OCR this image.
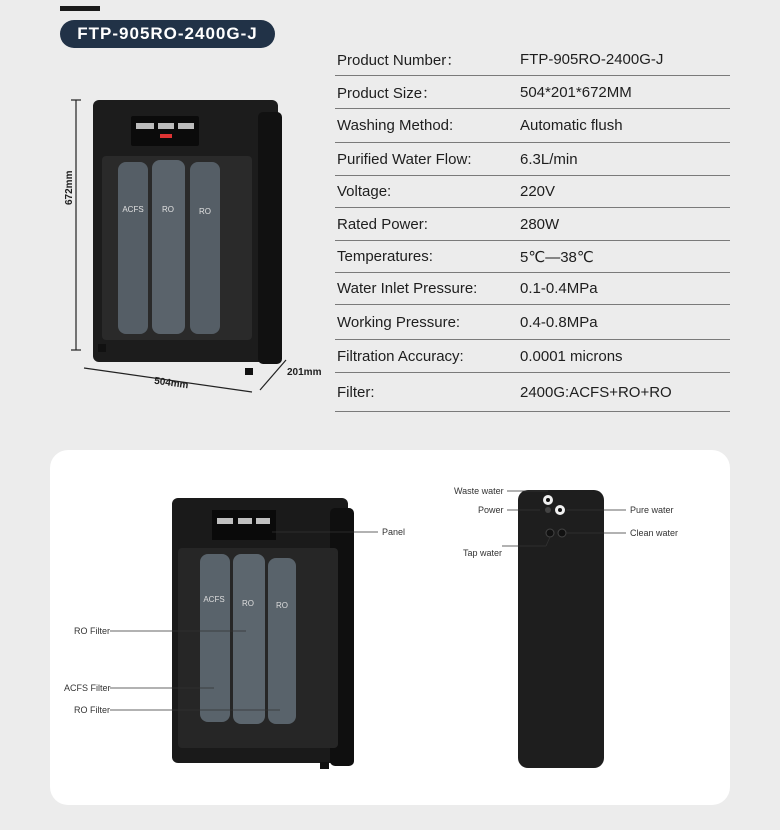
FTP-905RO-2400G-J
Product Number：	FTP-905RO-2400G-J
Product Size：	504*201*672MM
Washing Method:	Automatic flush
Purified Water Flow:	6.3L/min
Voltage:	220V
Rated Power:	280W
Temperatures:	5℃—38℃
Water Inlet Pressure:	0.1-0.4MPa
Working Pressure:	0.4-0.8MPa
Filtration Accuracy:	0.0001 microns
Filter:	2400G:ACFS+RO+RO
ACFS RO	RO
672mm
504mm
201mm
ACFS RO	RO
Panel
RO Filter
ACFS Filter
RO Filter
Waste water
Power	Pure water
Clean water
Tap water
